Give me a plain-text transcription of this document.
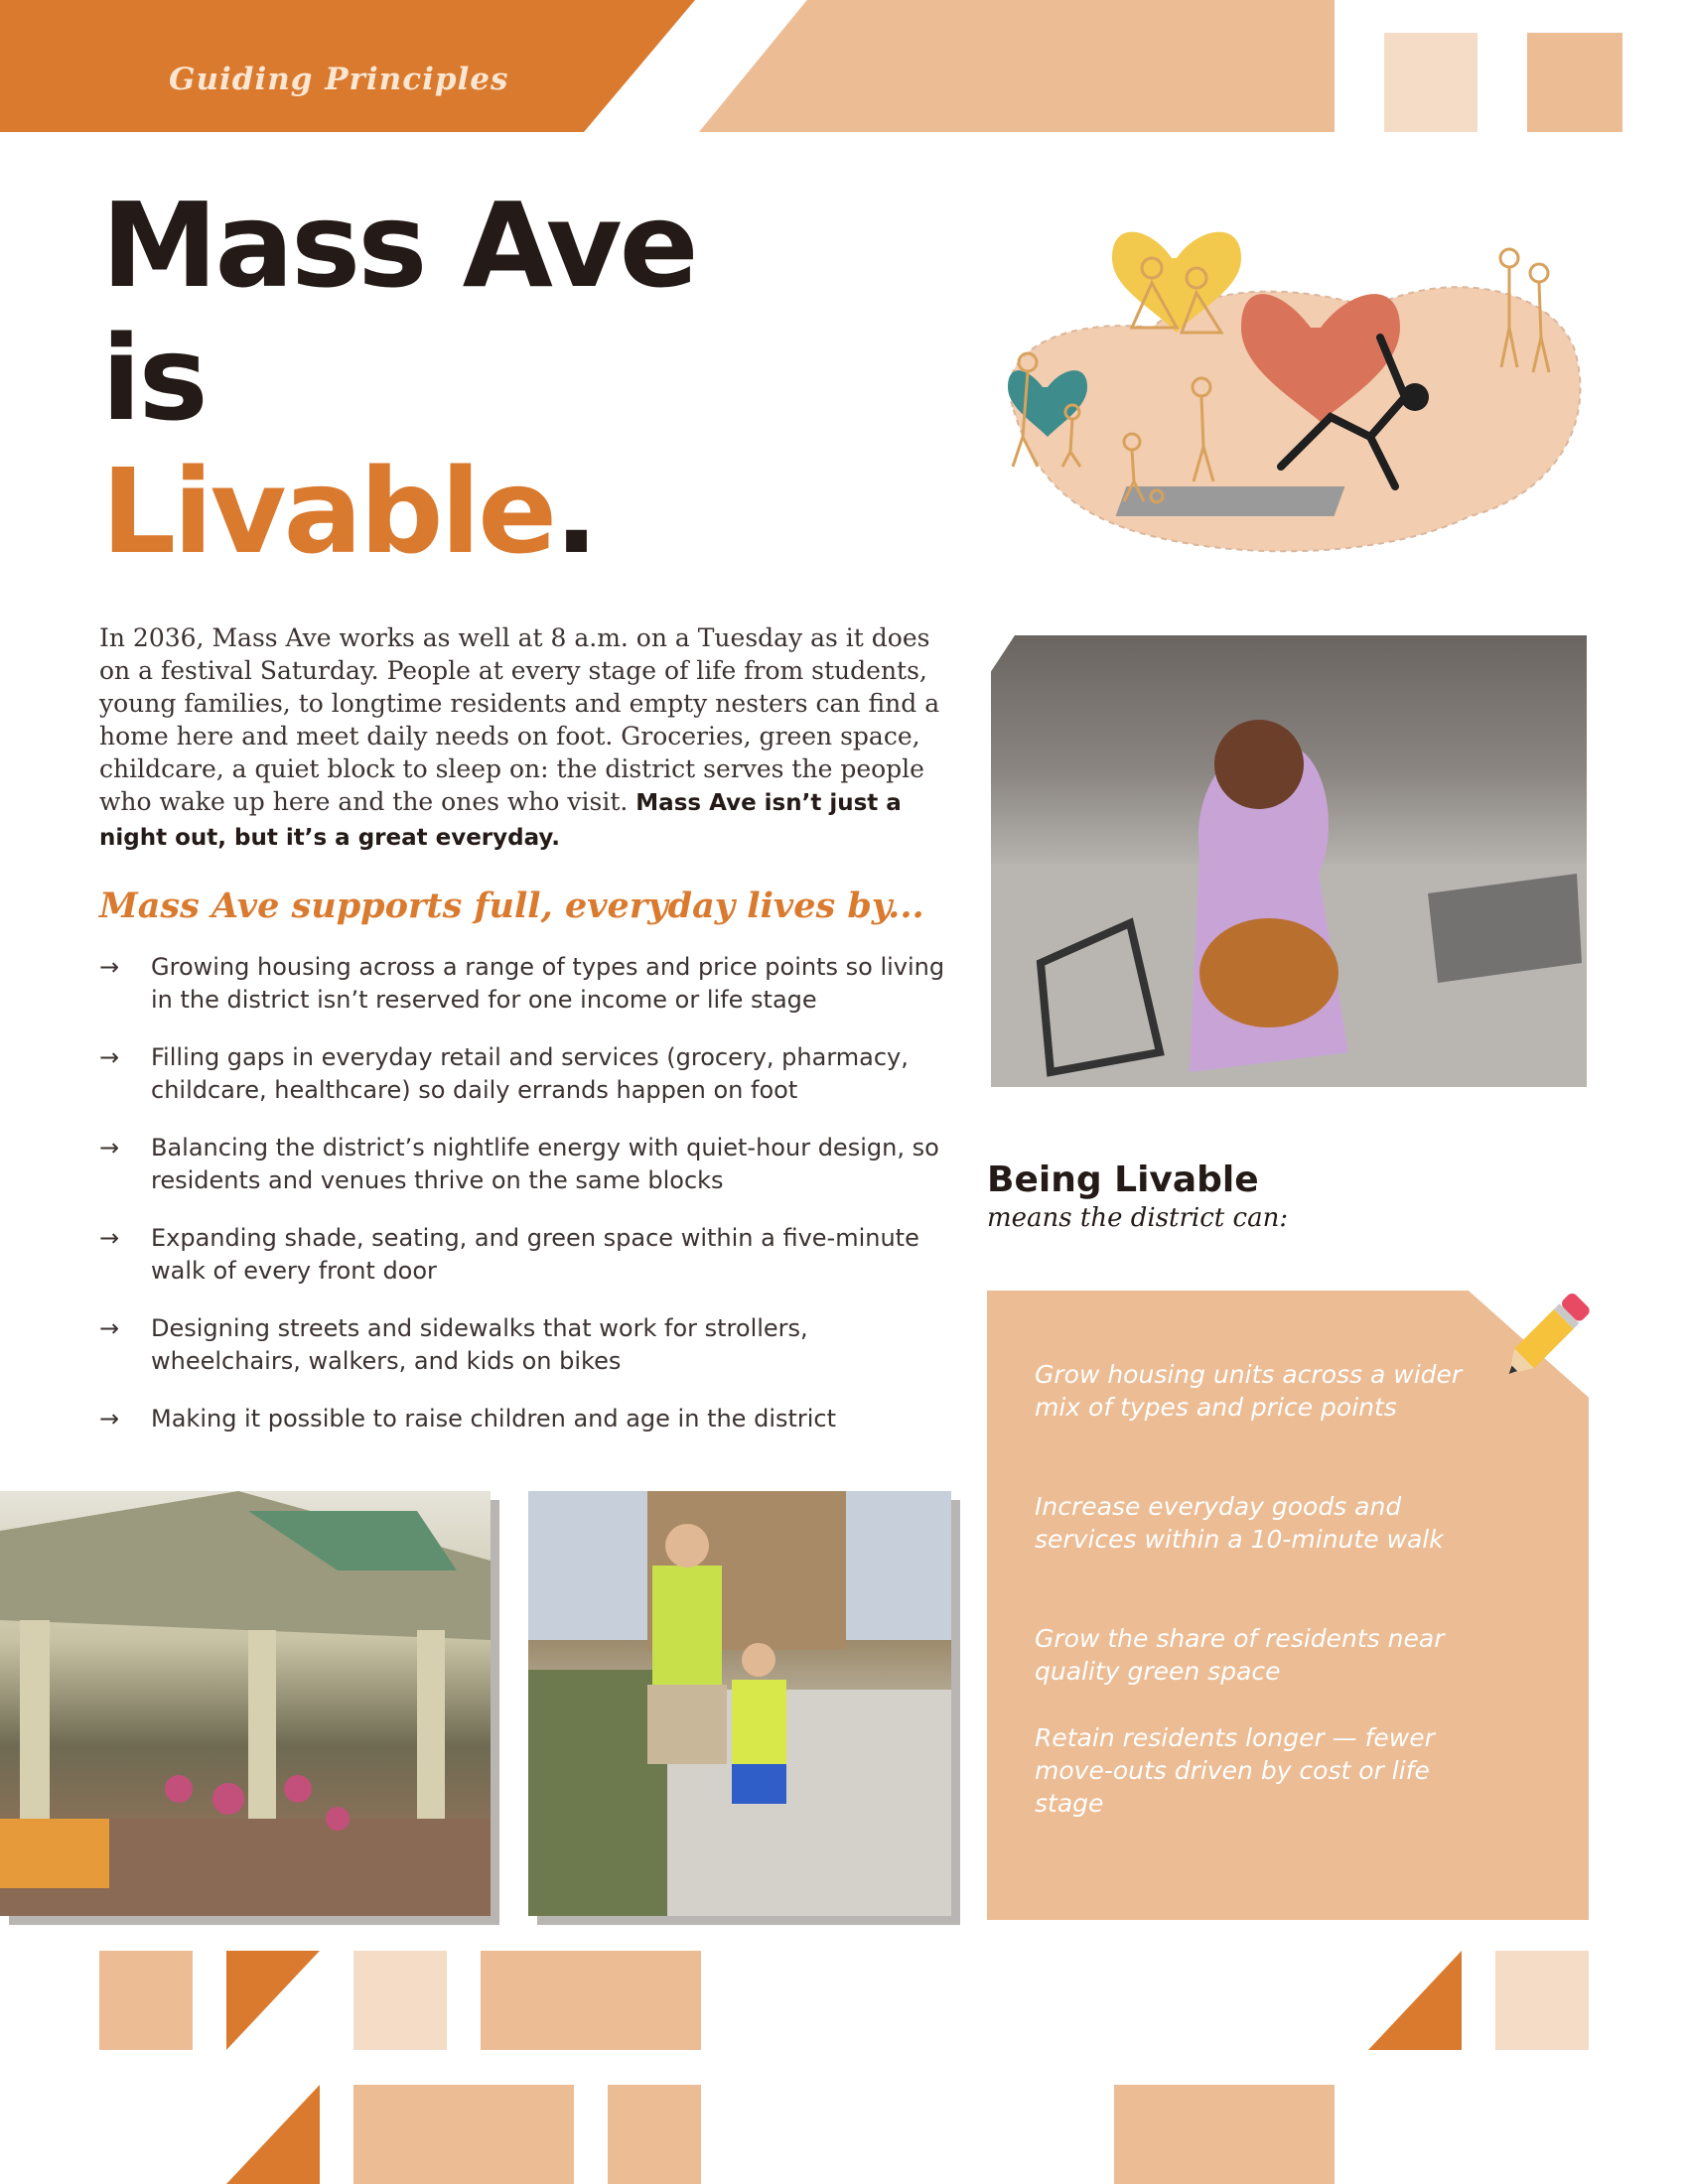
Guiding Principles
Mass Ave
is
Livable.
In 2036, Mass Ave works as well at 8 a.m. on a Tuesday as it does on a festival Saturday. People at every stage of life from students, young families, to longtime residents and empty nesters can find a home here and meet daily needs on foot. Groceries, green space, childcare, a quiet block to sleep on: the district serves the people who wake up here and the ones who visit. Mass Ave isn’t just a night out, but it’s a great everyday.
Mass Ave supports full, everyday lives by...
→ Growing housing across a range of types and price points so living in the district isn’t reserved for one income or life stage
→ Filling gaps in everyday retail and services (grocery, pharmacy, childcare, healthcare) so daily errands happen on foot
→ Balancing the district’s nightlife energy with quiet-hour design, so residents and venues thrive on the same blocks
→ Expanding shade, seating, and green space within a five-minute walk of every front door
→ Designing streets and sidewalks that work for strollers, wheelchairs, walkers, and kids on bikes
→ Making it possible to raise children and age in the district
Being Livable
means the district can:
Grow housing units across a wider mix of types and price points
Increase everyday goods and services within a 10-minute walk
Grow the share of residents near quality green space
Retain residents longer — fewer move-outs driven by cost or life stage
